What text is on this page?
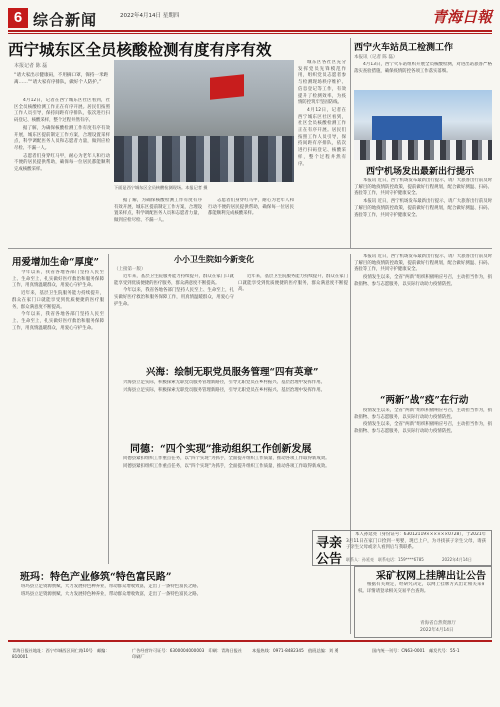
6 综合新闻	2022年4月14日 星期四	青海日報
西宁城东区全员核酸检测有度有序有效
本报记者 陈 磊
“请大家出示健康码，不用摘口罩，保持一米距离……”“请大家有序排队，做好个人防护。”

4月12日，记者在西宁城东区社区看到，社区全员核酸检测工作正在有序开展。居民们按照工作人员引导，保持间距有序排队，依次进行扫码登记、核酸采样，整个过程井然有序。

据了解，为确保核酸检测工作有度有序有效开展，城东区提前制定工作方案，合理设置采样点，科学调配医务人员和志愿者力量，做到应检尽检、不漏一人。

志愿者们身穿红马甲，耐心为老年人和行动不便的居民提供帮助，确保每一位居民都能顺利完成核酸采样。

下面是西宁城东区全员核酸检测现场。本报记者 摄

据了解，为确保核酸检测工作有度有序有效开展，城东区提前制定工作方案，合理设置采样点，科学调配医务人员和志愿者力量，做到应检尽检、不漏一人。

志愿者们身穿红马甲，耐心为老年人和行动不便的居民提供帮助，确保每一位居民都能顺利完成核酸采样。

城东区各社区充分发挥党员先锋模范作用，组织党员志愿者参与检测现场秩序维护、信息登记等工作，有效提升了检测效率，为疫情防控筑牢坚固防线。

4月12日，记者在西宁城东区社区看到，社区全员核酸检测工作正在有序开展。居民们按照工作人员引导，保持间距有序排队，依次进行扫码登记、核酸采样，整个过程井然有序。

西宁火车站员工检测工作
本报讯（记者 陈 磊）

4月13日，西宁火车站组织开展全员核酸检测，对进出站旅客严格落实查验措施，确保疫情防控各项工作落实落细。

西宁机场发出最新出行提示

本报讯 近日，西宁机场发布最新出行提示，请广大旅客出行前及时了解目的地疫情防控政策，提前做好行程规划，配合做好测温、扫码、查验等工作，共同守护健康安全。

本报讯 近日，西宁机场发布最新出行提示，请广大旅客出行前及时了解目的地疫情防控政策，提前做好行程规划，配合做好测温、扫码、查验等工作，共同守护健康安全。

用爱增加生命“厚度”

今年以来，我省各地各部门坚持人民至上、生命至上，扎实做好医疗救治和服务保障工作，用真情温暖群众，用爱心守护生命。

近年来，基层卫生院服务能力持续提升，群众在家门口就能享受到优质便捷的医疗服务，群众满意度不断提高。

今年以来，我省各地各部门坚持人民至上、生命至上，扎实做好医疗救治和服务保障工作，用真情温暖群众，用爱心守护生命。

小小卫生院如今新变化
（上接第一版）

近年来，基层卫生院服务能力持续提升，群众在家门口就能享受到优质便捷的医疗服务，群众满意度不断提高。

今年以来，我省各地各部门坚持人民至上、生命至上，扎实做好医疗救治和服务保障工作，用真情温暖群众，用爱心守护生命。

近年来，基层卫生院服务能力持续提升，群众在家门口就能享受到优质便捷的医疗服务，群众满意度不断提高。

兴海：绘制无职党员服务管理“四有英章”

兴海县立足实际，积极探索无职党员服务管理新路径，引导无职党员在乡村振兴、基层治理中发挥作用。

兴海县立足实际，积极探索无职党员服务管理新路径，引导无职党员在乡村振兴、基层治理中发挥作用。

同德：“四个实现”推动组织工作创新发展

同德县紧扣组织工作重点任务，以“四个实现”为抓手，全面提升组织工作质量，推动各项工作取得新成效。

同德县紧扣组织工作重点任务，以“四个实现”为抓手，全面提升组织工作质量，推动各项工作取得新成效。

班玛：特色产业修筑“特色富民路”

班玛县立足资源禀赋，大力发展特色种养业，带动群众增收致富，走出了一条特色富民之路。

班玛县立足资源禀赋，大力发展特色种养业，带动群众增收致富，走出了一条特色富民之路。

“两新”战“疫”在行动

疫情发生以来，全省“两新”组织积极响应号召，主动担当作为，捐款捐物、参与志愿服务，以实际行动助力疫情防控。

疫情发生以来，全省“两新”组织积极响应号召，主动担当作为，捐款捐物、参与志愿服务，以实际行动助力疫情防控。

本报讯 近日，西宁机场发布最新出行提示，请广大旅客出行前及时了解目的地疫情防控政策，提前做好行程规划，配合做好测温、扫码、查验等工作，共同守护健康安全。

疫情发生以来，全省“两新”组织积极响应号召，主动担当作为，捐款捐物、参与志愿服务，以实际行动助力疫情防控。

寻亲公告

本人孙延亮（身份证号：63012119××××××0728），于2021年3月11日在家门口捡到一男婴，现已上户，为寻找孩子亲生父母，请孩子亲生父母或亲人看到后与我联系。

联系人：孙延亮　联系电话：159****6785	2022年4月14日
采矿权网上挂牌出让公告

根据有关规定，经研究决定，以网上挂牌方式出让相关采矿权。详情请登录相关交易平台查询。

青海省自然资源厅
2022年4月14日
青海日报社地址：西宁市城西区同仁路10号　邮编：810001
广告经营许可证号：6300004000003　印刷：青海日报社印刷厂
本报热线：0971-8482345　值班总编：刘 勇	国内统一刊号：CN63-0001　邮发代号：55-1
